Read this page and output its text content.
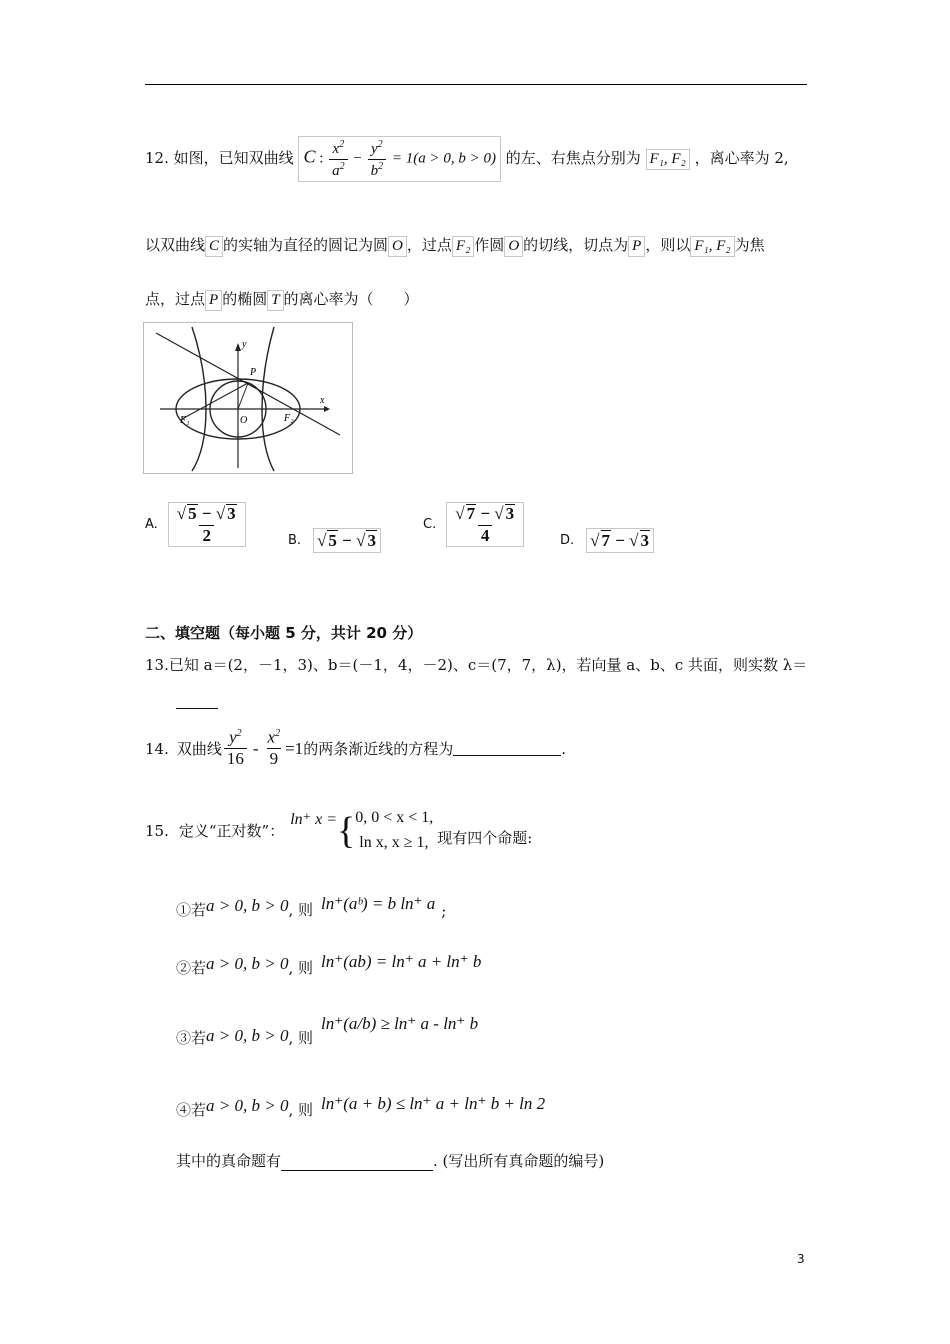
12. 如图，已知双曲线 C : $\frac{x^2}{a^2} - \frac{y^2}{b^2} = 1(a > 0$, b > 0) 的左、右焦点分别为 F₁, F₂ ，离心率为 2,
以双曲线 C 的实轴为直径的圆记为圆 O ，过点 F₂ 作圆 O 的切线，切点为 P ，则以 F₁, F₂ 为焦
点，过点 P 的椭圆 T 的离心率为（　　）
y
x
P
O
F₁	F₂
A. $\frac{√ 5 - √ 3}{2}$	B. √ 5 − √ 3
C. $\frac{√ 7 - √ 3}{4}$	D. √ 7 − √ 3
二、填空题（每小题 5 分，共计 20 分）
13.已知 a＝(2，－1，3)、b＝(－1，4，－2)、c＝(7，7，λ)，若向量 a、b、c 共面，则实数 λ＝
14. 双曲线 $\frac{y^2}{16} - \frac{x^2}{9} =1$ 的两条渐近线的方程为	.
15. 定义“正对数”：
ln⁺ x = { 0, 0 < x < 1,
ln x, x ≥ 1, 现有四个命题:
①若 a > 0, b > 0 , 则 ln⁺(aᵇ) = b ln⁺ a ;
②若 a > 0, b > 0 , 则 ln⁺(ab) = ln⁺ a + ln⁺ b
③若 a > 0, b > 0 , 则
ln⁺(a/b) ≥ ln⁺ a - ln⁺ b
④若 a > 0, b > 0 , 则 ln⁺(a + b) ≤ ln⁺ a + ln⁺ b + ln 2
其中的真命题有	. (写出所有真命题的编号)
3
